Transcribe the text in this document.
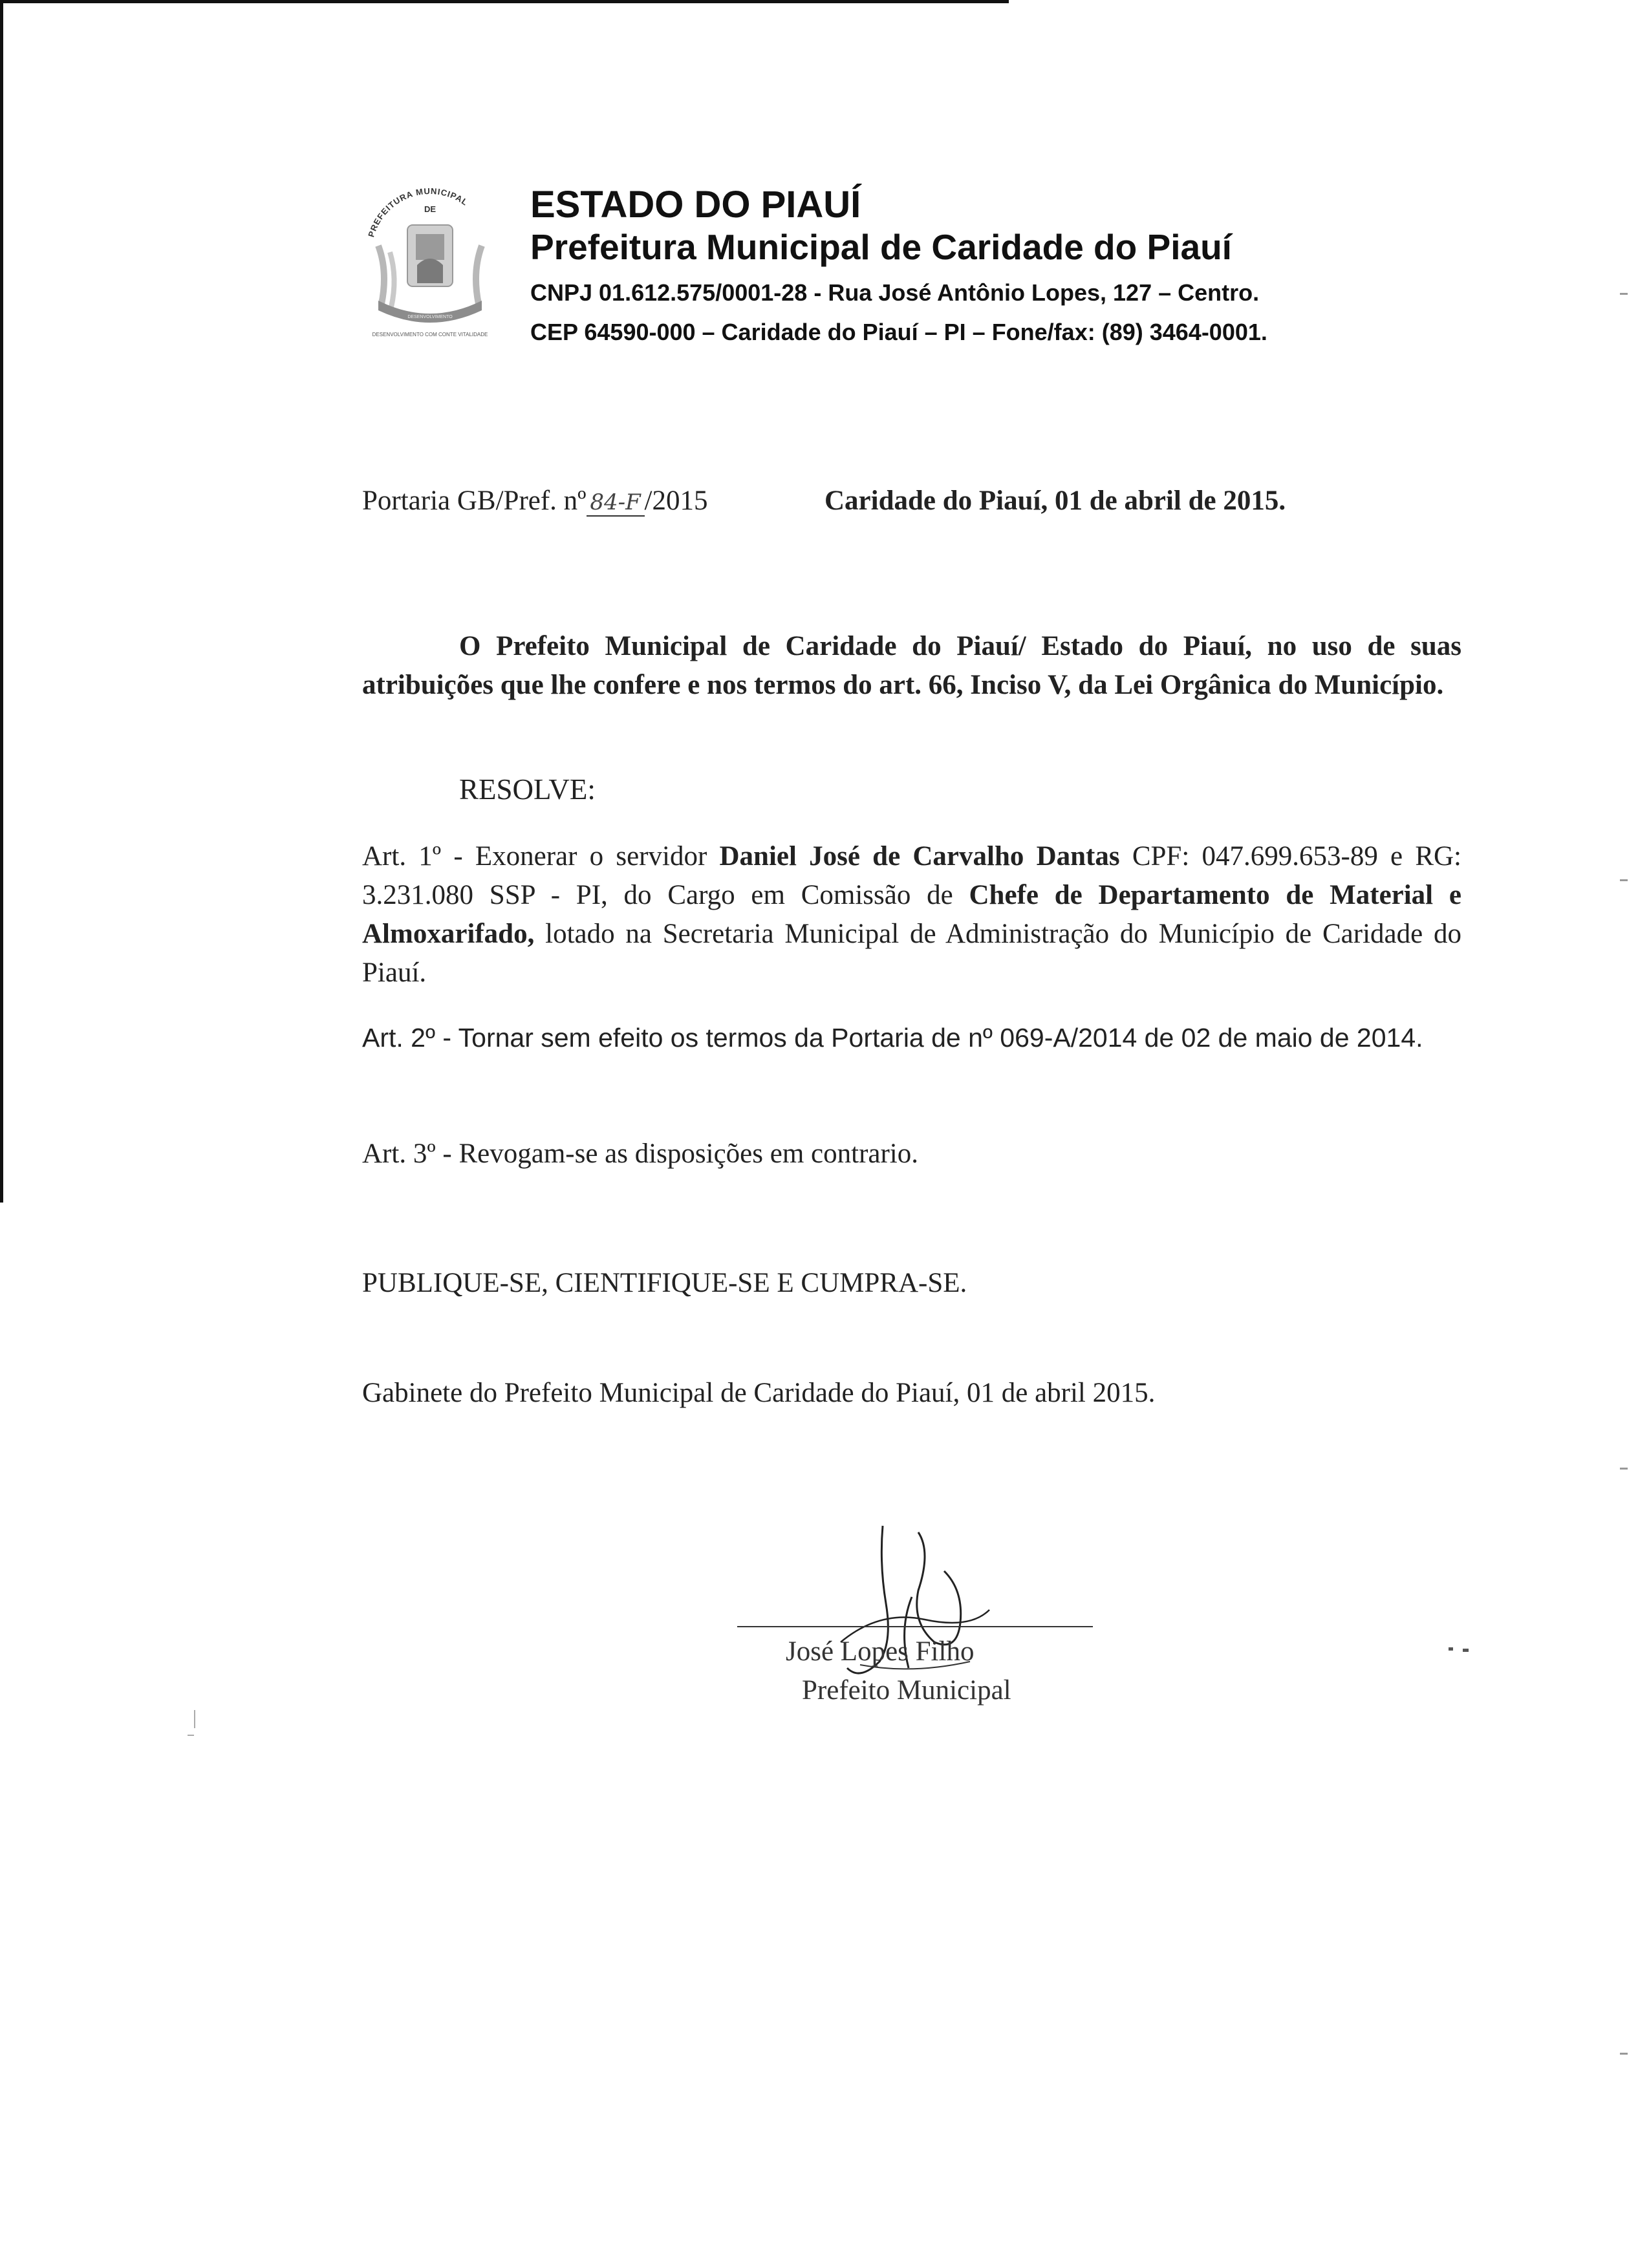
PREFEITURA MUNICIPAL
DE
DESENVOLVIMENTO
DESENVOLVIMENTO COM CONTE VITALIDADE
ESTADO DO PIAUÍ
Prefeitura Municipal de Caridade do Piauí
CNPJ 01.612.575/0001-28 - Rua José Antônio Lopes, 127 – Centro.
CEP 64590-000 – Caridade do Piauí – PI – Fone/fax: (89) 3464-0001.
Portaria GB/Pref. nº 84-F /2015	Caridade do Piauí, 01 de abril de 2015.
O Prefeito Municipal de Caridade do Piauí/ Estado do Piauí, no uso de suas atribuições que lhe confere e nos termos do art. 66, Inciso V, da Lei Orgânica do Município.
RESOLVE:
Art. 1º - Exonerar o servidor Daniel José de Carvalho Dantas CPF: 047.699.653-89 e RG: 3.231.080 SSP - PI, do Cargo em Comissão de Chefe de Departamento de Material e Almoxarifado, lotado na Secretaria Municipal de Administração do Município de Caridade do Piauí.
Art. 2º - Tornar sem efeito os termos da Portaria de nº 069-A/2014 de 02 de maio de 2014.
Art. 3º - Revogam-se as disposições em contrario.
PUBLIQUE-SE, CIENTIFIQUE-SE E CUMPRA-SE.
Gabinete do Prefeito Municipal de Caridade do Piauí, 01 de abril 2015.
José Lopes Filho
Prefeito Municipal
